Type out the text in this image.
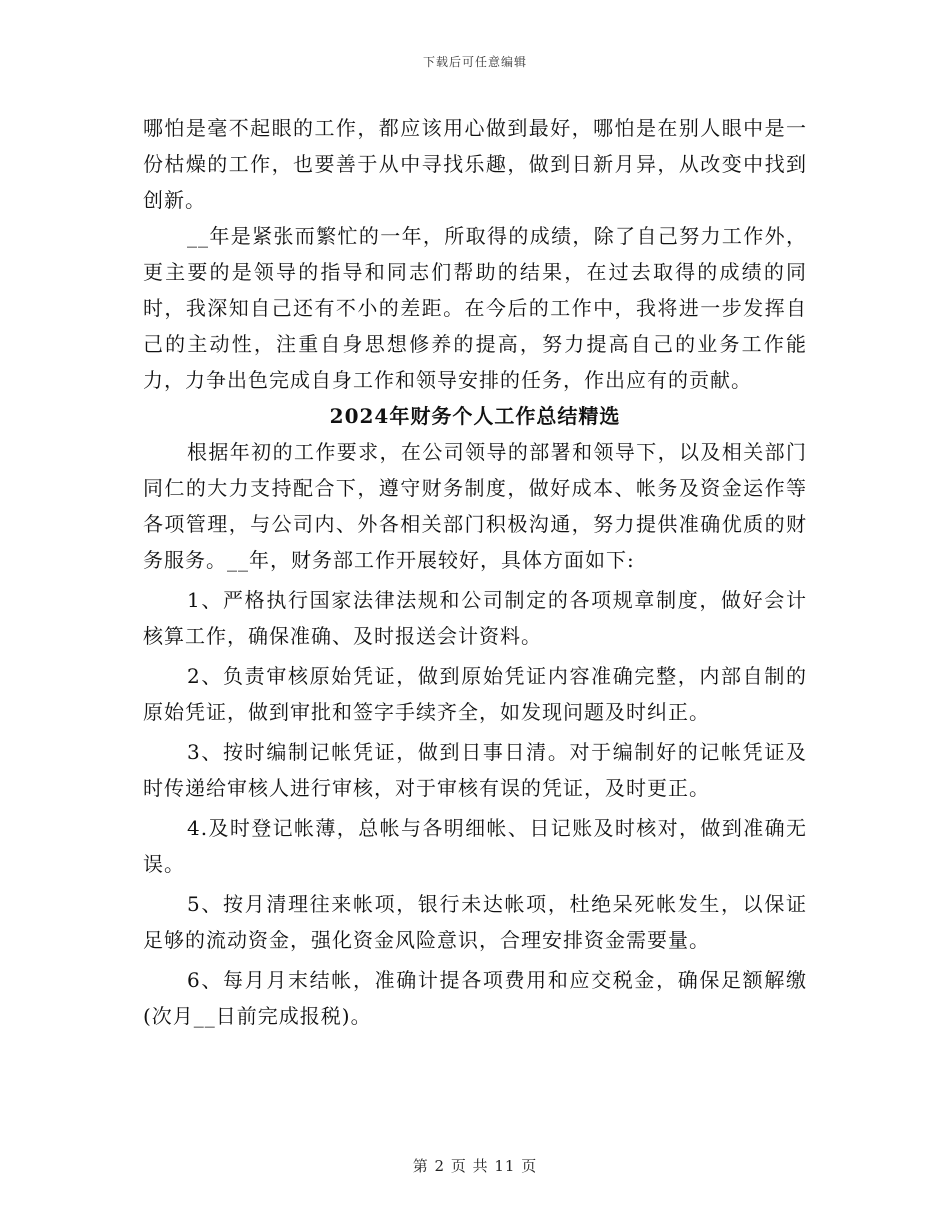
下载后可任意编辑

哪怕是毫不起眼的工作，都应该用心做到最好，哪怕是在别人眼中是一份枯燥的工作，也要善于从中寻找乐趣，做到日新月异，从改变中找到创新。

__年是紧张而繁忙的一年，所取得的成绩，除了自己努力工作外，更主要的是领导的指导和同志们帮助的结果，在过去取得的成绩的同时，我深知自己还有不小的差距。在今后的工作中，我将进一步发挥自己的主动性，注重自身思想修养的提高，努力提高自己的业务工作能力，力争出色完成自身工作和领导安排的任务，作出应有的贡献。

2024年财务个人工作总结精选

根据年初的工作要求，在公司领导的部署和领导下，以及相关部门同仁的大力支持配合下，遵守财务制度，做好成本、帐务及资金运作等各项管理，与公司内、外各相关部门积极沟通，努力提供准确优质的财务服务。__年，财务部工作开展较好，具体方面如下:

1、严格执行国家法律法规和公司制定的各项规章制度，做好会计核算工作，确保准确、及时报送会计资料。

2、负责审核原始凭证，做到原始凭证内容准确完整，内部自制的原始凭证，做到审批和签字手续齐全，如发现问题及时纠正。

3、按时编制记帐凭证，做到日事日清。对于编制好的记帐凭证及时传递给审核人进行审核，对于审核有误的凭证，及时更正。

4.及时登记帐薄，总帐与各明细帐、日记账及时核对，做到准确无误。

5、按月清理往来帐项，银行未达帐项，杜绝呆死帐发生，以保证足够的流动资金，强化资金风险意识，合理安排资金需要量。

6、每月月末结帐，准确计提各项费用和应交税金，确保足额解缴(次月__日前完成报税)。

第 2 页 共 11 页
